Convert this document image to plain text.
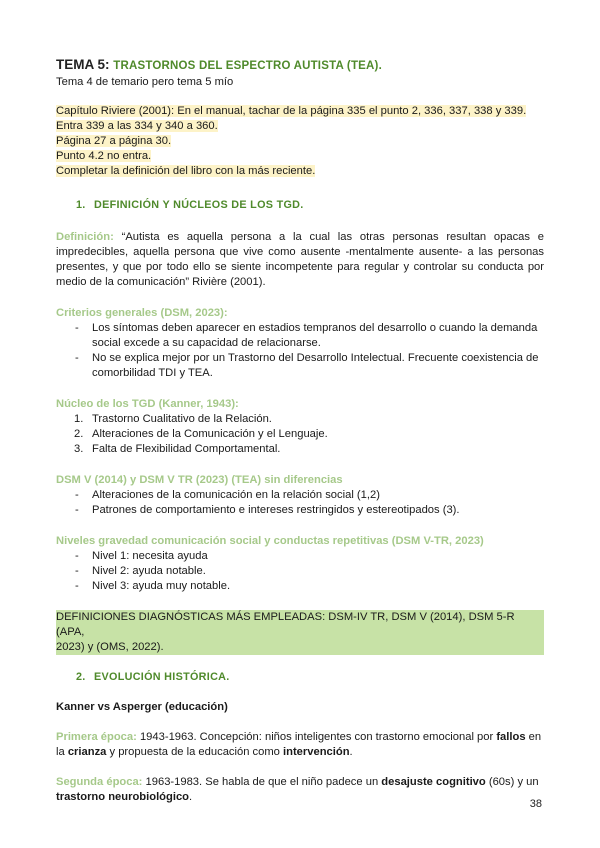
TEMA 5: TRASTORNOS DEL ESPECTRO AUTISTA (TEA).

Tema 4 de temario pero tema 5 mío

Capítulo Riviere (2001): En el manual, tachar de la página 335 el punto 2, 336, 337, 338 y 339.
Entra 339 a las 334 y 340 a 360.
Página 27 a página 30.
Punto 4.2 no entra.
Completar la definición del libro con la más reciente.

1. DEFINICIÓN Y NÚCLEOS DE LOS TGD.

Definición: “Autista es aquella persona a la cual las otras personas resultan opacas e impredecibles, aquella persona que vive como ausente -mentalmente ausente- a las personas presentes, y que por todo ello se siente incompetente para regular y controlar su conducta por medio de la comunicación” Rivière (2001).

Criterios generales (DSM, 2023):

- Los síntomas deben aparecer en estadios tempranos del desarrollo o cuando la demanda social excede a su capacidad de relacionarse.
- No se explica mejor por un Trastorno del Desarrollo Intelectual. Frecuente coexistencia de comorbilidad TDI y TEA.

Núcleo de los TGD (Kanner, 1943):

1. Trastorno Cualitativo de la Relación.
2. Alteraciones de la Comunicación y el Lenguaje.
3. Falta de Flexibilidad Comportamental.

DSM V (2014) y DSM V TR (2023) (TEA) sin diferencias

- Alteraciones de la comunicación en la relación social (1,2)
- Patrones de comportamiento e intereses restringidos y estereotipados (3).

Niveles gravedad comunicación social y conductas repetitivas (DSM V-TR, 2023)

- Nivel 1: necesita ayuda
- Nivel 2: ayuda notable.
- Nivel 3: ayuda muy notable.
DEFINICIONES DIAGNÓSTICAS MÁS EMPLEADAS: DSM-IV TR, DSM V (2014), DSM 5-R (APA,
2023) y (OMS, 2022).

2. EVOLUCIÓN HISTÓRICA.

Kanner vs Asperger (educación)

Primera época: 1943-1963. Concepción: niños inteligentes con trastorno emocional por fallos en la crianza y propuesta de la educación como intervención.

Segunda época: 1963-1983. Se habla de que el niño padece un desajuste cognitivo (60s) y un trastorno neurobiológico.

38
